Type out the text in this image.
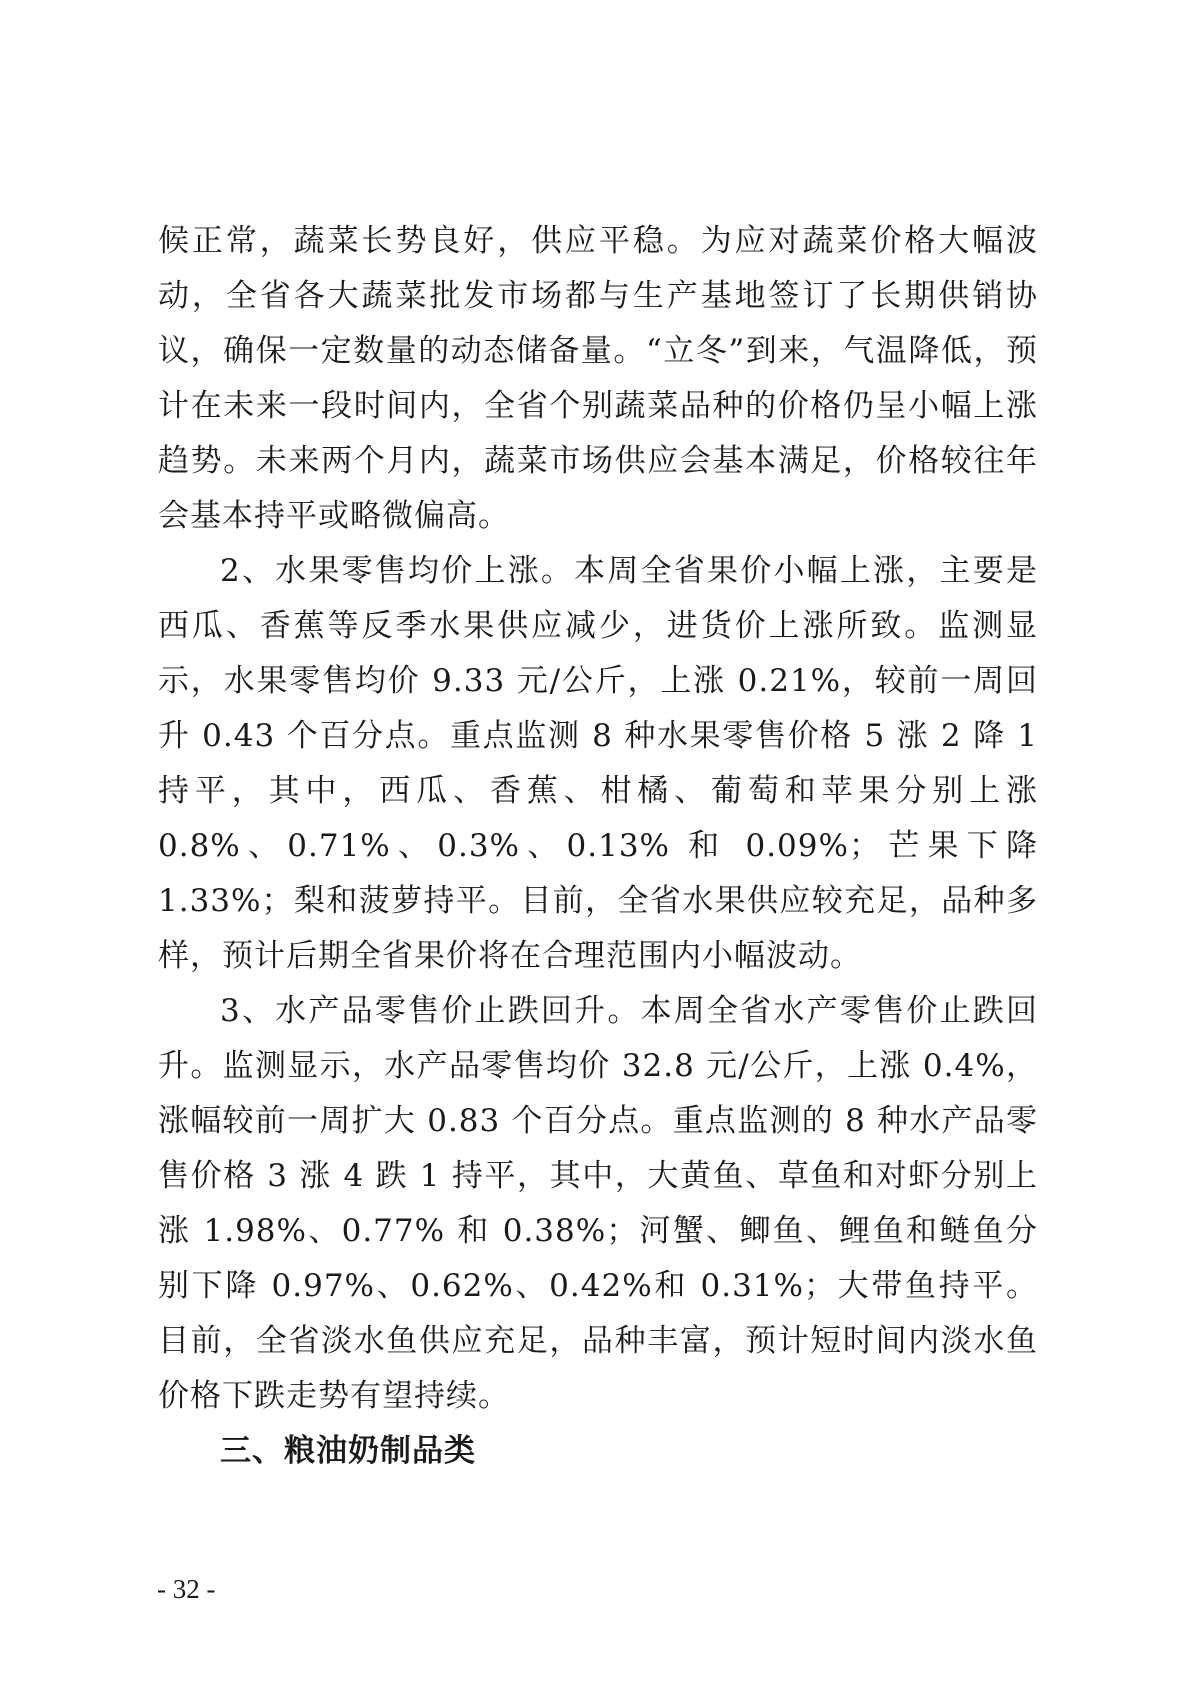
候正常，蔬菜长势良好，供应平稳。为应对蔬菜价格大幅波动，全省各大蔬菜批发市场都与生产基地签订了长期供销协议，确保一定数量的动态储备量。“立冬”到来，气温降低，预计在未来一段时间内，全省个别蔬菜品种的价格仍呈小幅上涨趋势。未来两个月内，蔬菜市场供应会基本满足，价格较往年会基本持平或略微偏高。

2、水果零售均价上涨。本周全省果价小幅上涨，主要是西瓜、香蕉等反季水果供应减少，进货价上涨所致。监测显示，水果零售均价 9.33 元/公斤，上涨 0.21%，较前一周回升 0.43 个百分点。重点监测 8 种水果零售价格 5 涨 2 降 1 持平，其中，西瓜、香蕉、柑橘、葡萄和苹果分别上涨 0.8%、0.71%、0.3%、0.13% 和 0.09%；芒果下降 1.33%；梨和菠萝持平。目前，全省水果供应较充足，品种多样，预计后期全省果价将在合理范围内小幅波动。

3、水产品零售价止跌回升。本周全省水产零售价止跌回升。监测显示，水产品零售均价 32.8 元/公斤，上涨 0.4%，涨幅较前一周扩大 0.83 个百分点。重点监测的 8 种水产品零售价格 3 涨 4 跌 1 持平，其中，大黄鱼、草鱼和对虾分别上涨 1.98%、0.77% 和 0.38%；河蟹、鲫鱼、鲤鱼和鲢鱼分别下降 0.97%、0.62%、0.42%和 0.31%；大带鱼持平。目前，全省淡水鱼供应充足，品种丰富，预计短时间内淡水鱼价格下跌走势有望持续。

三、粮油奶制品类

- 32 -
